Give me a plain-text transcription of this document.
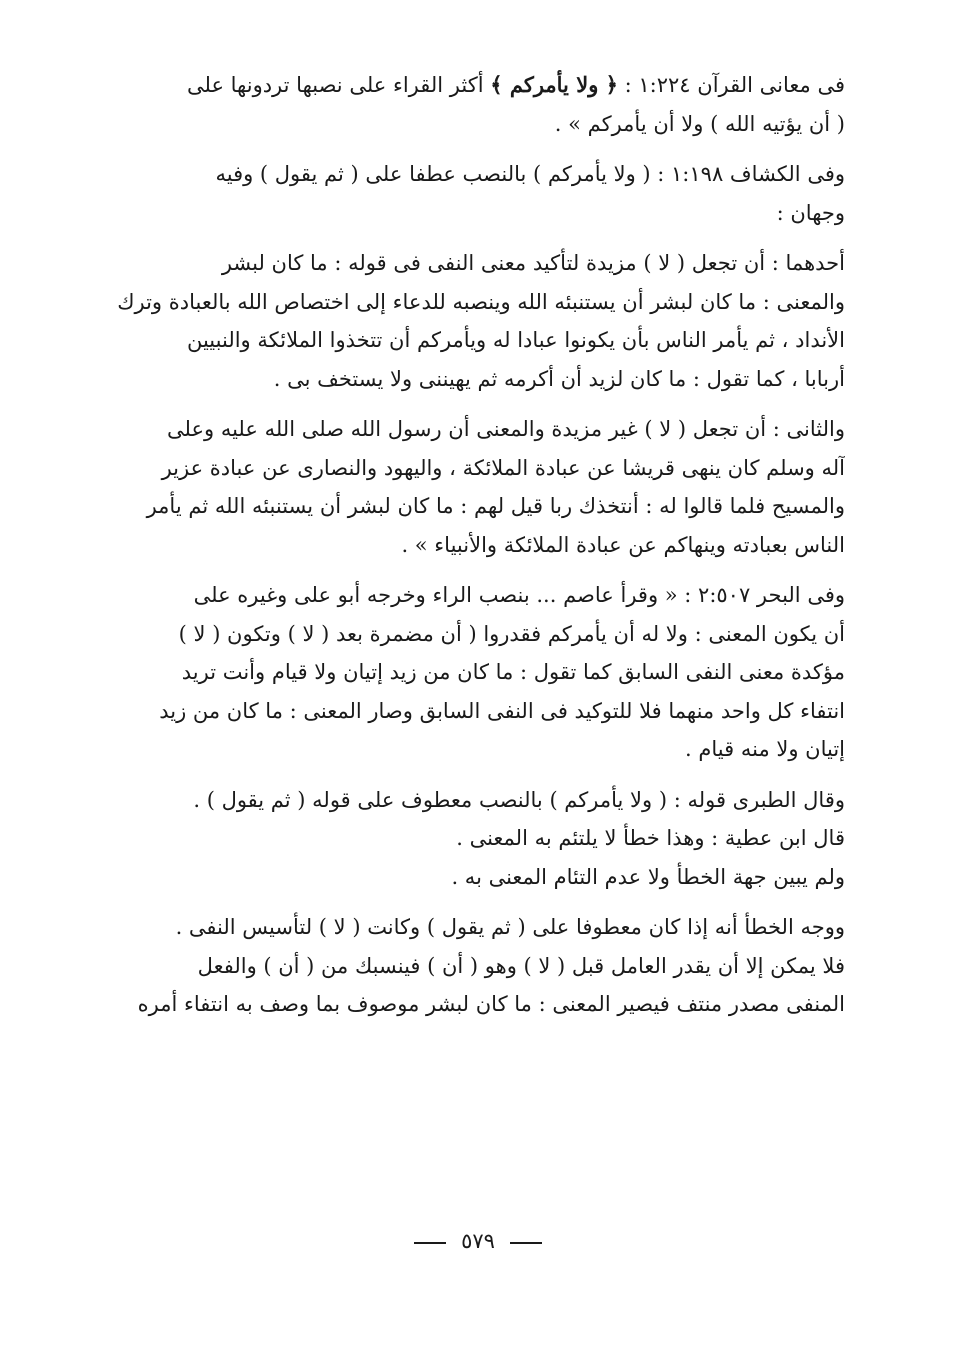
فى معانى القرآن ١:٢٢٤ : ﴿ ولا يأمركم ﴾ أكثر القراء على نصبها تردونها على
( أن يؤتيه الله ) ولا أن يأمركم » .
وفى الكشاف ١:١٩٨ : ( ولا يأمركم ) بالنصب عطفا على ( ثم يقول ) وفيه
وجهان :
أحدهما : أن تجعل ( لا ) مزيدة لتأكيد معنى النفى فى قوله : ما كان لبشر
والمعنى : ما كان لبشر أن يستنبئه الله وينصبه للدعاء إلى اختصاص الله بالعبادة وترك
الأنداد ، ثم يأمر الناس بأن يكونوا عبادا له ويأمركم أن تتخذوا الملائكة والنبيين
أربابا ، كما تقول : ما كان لزيد أن أكرمه ثم يهيننى ولا يستخف بى .
والثانى : أن تجعل ( لا ) غير مزيدة والمعنى أن رسول الله صلى الله عليه وعلى
آله وسلم كان ينهى قريشا عن عبادة الملائكة ، واليهود والنصارى عن عبادة عزير
والمسيح فلما قالوا له : أنتخذك ربا قيل لهم : ما كان لبشر أن يستنبئه الله ثم يأمر
الناس بعبادته وينهاكم عن عبادة الملائكة والأنبياء » .
وفى البحر ٢:٥٠٧ : « وقرأ عاصم ... بنصب الراء وخرجه أبو على وغيره على
أن يكون المعنى : ولا له أن يأمركم فقدروا ( أن مضمرة بعد ( لا ) وتكون ( لا )
مؤكدة معنى النفى السابق كما تقول : ما كان من زيد إتيان ولا قيام وأنت تريد
انتفاء كل واحد منهما فلا للتوكيد فى النفى السابق وصار المعنى : ما كان من زيد
إتيان ولا منه قيام .
وقال الطبرى قوله : ( ولا يأمركم ) بالنصب معطوف على قوله ( ثم يقول ) .
قال ابن عطية : وهذا خطأ لا يلتئم به المعنى .
ولم يبين جهة الخطأ ولا عدم التئام المعنى به .
ووجه الخطأ أنه إذا كان معطوفا على ( ثم يقول ) وكانت ( لا ) لتأسيس النفى .
فلا يمكن إلا أن يقدر العامل قبل ( لا ) وهو ( أن ) فينسبك من ( أن ) والفعل
المنفى مصدر منتف فيصير المعنى : ما كان لبشر موصوف بما وصف به انتفاء أمره
٥٧٩
